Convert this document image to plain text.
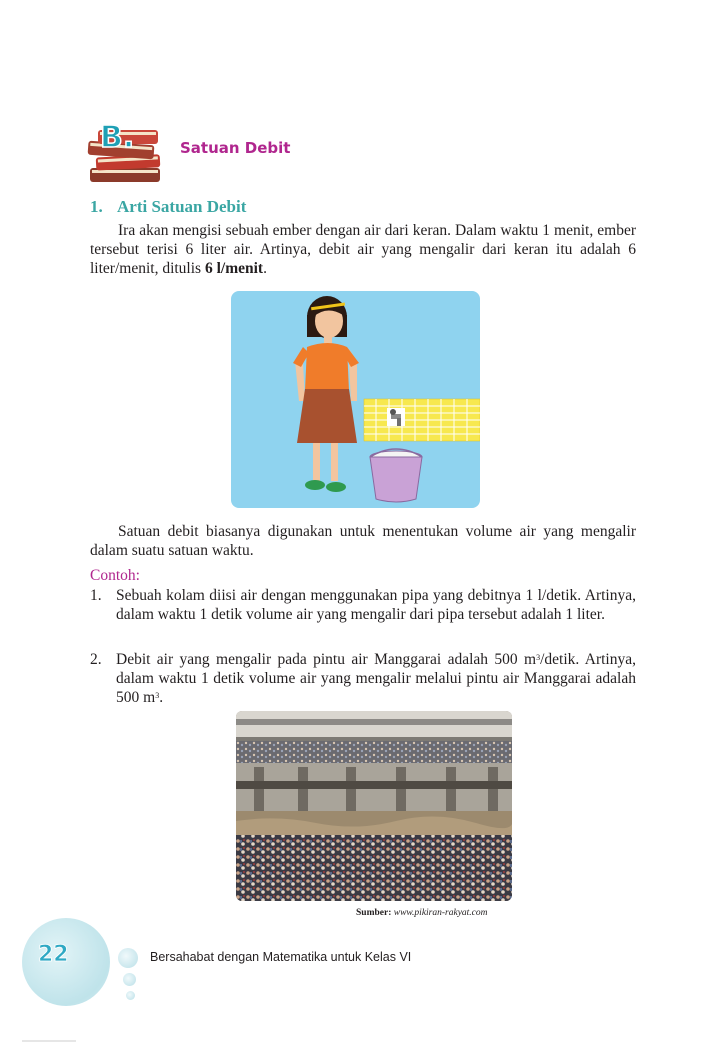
B.	Satuan Debit
1. Arti Satuan Debit
Ira akan mengisi sebuah ember dengan air dari keran. Dalam waktu 1 menit, ember tersebut terisi 6 liter air. Artinya, debit air yang mengalir dari keran itu adalah 6 liter/menit, ditulis 6 l/menit.
Satuan debit biasanya digunakan untuk menentukan volume air yang mengalir dalam suatu satuan waktu.
Contoh:
1. Sebuah kolam diisi air dengan menggunakan pipa yang debitnya 1 l/detik. Artinya, dalam waktu 1 detik volume air yang mengalir dari pipa tersebut adalah 1 liter.
2. Debit air yang mengalir pada pintu air Manggarai adalah 500 $m^3$/detik. Artinya, dalam waktu 1 detik volume air yang mengalir melalui pintu air Manggarai adalah 500 $m^3$.
Sumber: www.pikiran-rakyat.com
22	Bersahabat dengan Matematika untuk Kelas VI
